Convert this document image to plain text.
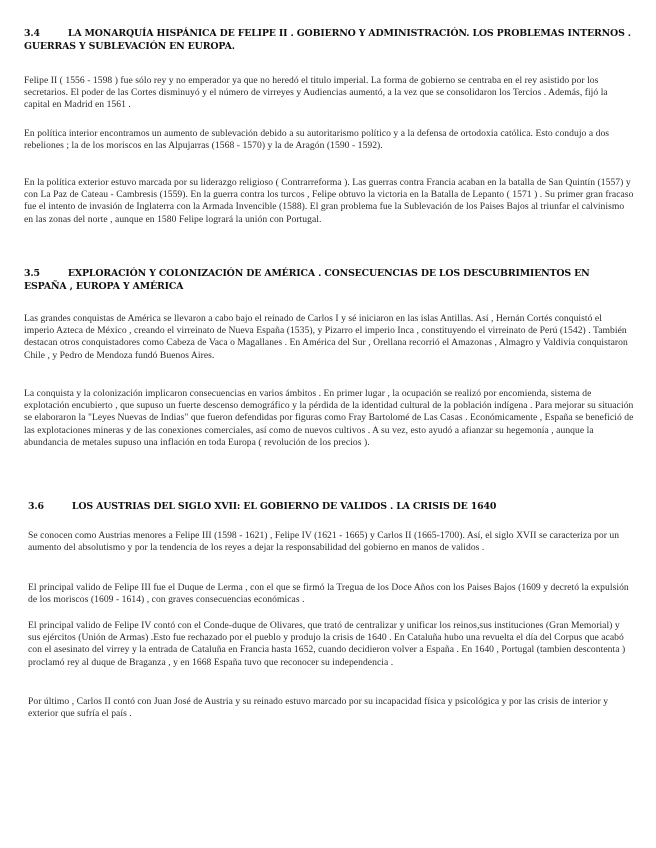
3.4	LA MONARQUÍA HISPÁNICA DE FELIPE II . GOBIERNO Y ADMINISTRACIÓN. LOS PROBLEMAS INTERNOS . GUERRAS Y SUBLEVACIÓN EN EUROPA.

Felipe II ( 1556 - 1598 ) fue sólo rey y no emperador ya que no heredó el titulo imperial. La forma de gobierno se centraba en el rey asistido por los secretarios. El poder de las Cortes disminuyó y el número de virreyes y Audiencias aumentó, a la vez que se consolidaron los Tercios . Además, fijó la capital en Madrid en 1561 .

En política interior encontramos un aumento de sublevación debido a su autoritarismo político y a la defensa de ortodoxia católica. Esto condujo a dos rebeliones ; la de los moriscos en las Alpujarras (1568 - 1570) y la de Aragón (1590 - 1592).

En la política exterior estuvo marcada por su liderazgo religioso ( Contrarreforma ). Las guerras contra Francia acaban en la batalla de San Quintín (1557) y con La Paz de Cateau - Cambresis (1559). En la guerra contra los turcos , Felipe obtuvo la victoria en la Batalla de Lepanto ( 1571 ) . Su primer gran fracaso fue el intento de invasión de Inglaterra con la Armada Invencible (1588). El gran problema fue la Sublevación de los Paises Bajos al triunfar el calvinismo en las zonas del norte , aunque en 1580 Felipe logrará la unión con Portugal.

3.5	EXPLORACIÓN Y COLONIZACIÓN DE AMÉRICA . CONSECUENCIAS DE LOS DESCUBRIMIENTOS EN ESPAÑA , EUROPA Y AMÉRICA

Las grandes conquistas de América se llevaron a cabo bajo el reinado de Carlos I y sé iniciaron en las islas Antillas. Así , Hernán Cortés conquistó el imperio Azteca de México , creando el virreinato de Nueva España (1535), y Pizarro el imperio Inca , constituyendo el virreinato de Perú (1542) . También destacan otros conquistadores como Cabeza de Vaca o Magallanes . En América del Sur , Orellana recorrió el Amazonas , Almagro y Valdivia conquistaron Chile , y Pedro de Mendoza fundó Buenos Aires.

La conquista y la colonización implicaron consecuencias en varios ámbitos . En primer lugar , la ocupación se realizó por encomienda, sistema de explotación encubierto , que supuso un fuerte descenso demográfico y la pérdida de la identidad cultural de la población indígena . Para mejorar su situación se elaboraron la "Leyes Nuevas de Indias" que fueron defendidas por figuras como Fray Bartolomé de Las Casas . Económicamente , España se benefició de las explotaciones mineras y de las conexiones comerciales, así como de nuevos cultivos . A su vez, esto ayudó a afianzar su hegemonía , aunque la abundancia de metales supuso una inflación en toda Europa ( revolución de los precios ).

3.6	LOS AUSTRIAS DEL SIGLO XVII: EL GOBIERNO DE VALIDOS . LA CRISIS DE 1640

Se conocen como Austrias menores a Felipe III (1598 - 1621) , Felipe IV (1621 - 1665) y Carlos II (1665-1700). Así, el siglo XVII se caracteriza por un aumento del absolutismo y por la tendencia de los reyes a dejar la responsabilidad del gobierno en manos de validos .

El principal valido de Felipe III fue el Duque de Lerma , con el que se firmó la Tregua de los Doce Años con los Paises Bajos (1609 y decretó la expulsión de los moriscos (1609 - 1614) , con graves consecuencias económicas .

El principal valido de Felipe IV contó con el Conde-duque de Olivares, que trató de centralizar y unificar los reinos,sus instituciones (Gran Memorial) y sus ejércitos (Unión de Armas) .Esto fue rechazado por el pueblo y produjo la crisis de 1640 . En Cataluña hubo una revuelta el día del Corpus que acabó con el asesinato del virrey y la entrada de Cataluña en Francia hasta 1652, cuando decidieron volver a España . En 1640 , Portugal (tambien descontenta ) proclamó rey al duque de Braganza , y en 1668 España tuvo que reconocer su independencia .

Por último , Carlos II contó con Juan José de Austria y su reinado estuvo marcado por su incapacidad física y psicológica y por las crisis de interior y exterior que sufría el país .
